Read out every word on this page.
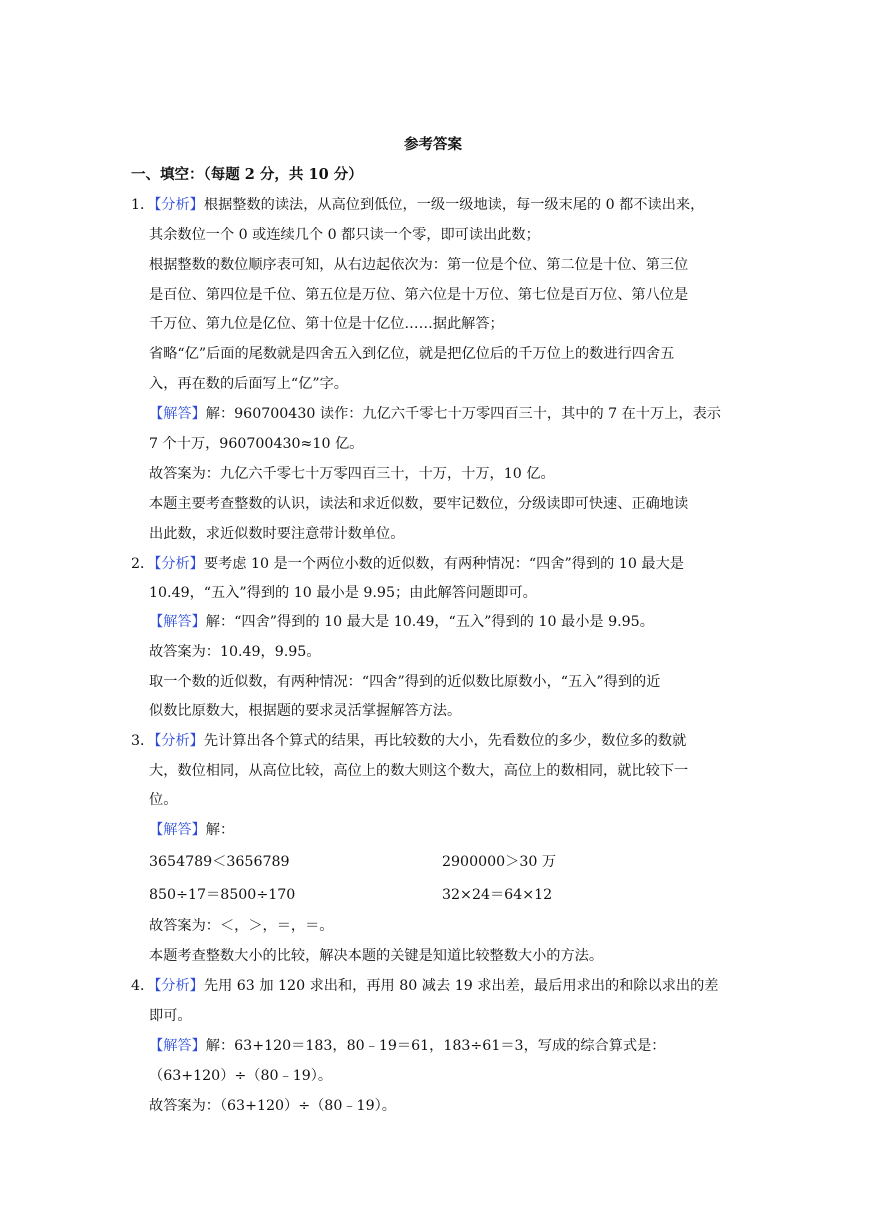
参考答案
一、填空：（每题 2 分，共 10 分）
1．【分析】根据整数的读法，从高位到低位，一级一级地读，每一级末尾的 0 都不读出来，
其余数位一个 0 或连续几个 0 都只读一个零，即可读出此数；
根据整数的数位顺序表可知，从右边起依次为：第一位是个位、第二位是十位、第三位
是百位、第四位是千位、第五位是万位、第六位是十万位、第七位是百万位、第八位是
千万位、第九位是亿位、第十位是十亿位……据此解答；
省略“亿”后面的尾数就是四舍五入到亿位，就是把亿位后的千万位上的数进行四舍五
入，再在数的后面写上“亿”字。
【解答】解：960700430 读作：九亿六千零七十万零四百三十，其中的 7 在十万上，表示
7 个十万，960700430≈10 亿。
故答案为：九亿六千零七十万零四百三十，十万，十万，10 亿。
本题主要考查整数的认识，读法和求近似数，要牢记数位，分级读即可快速、正确地读
出此数，求近似数时要注意带计数单位。
2．【分析】要考虑 10 是一个两位小数的近似数，有两种情况：“四舍”得到的 10 最大是
10.49，“五入”得到的 10 最小是 9.95；由此解答问题即可。
【解答】解：“四舍”得到的 10 最大是 10.49，“五入”得到的 10 最小是 9.95。
故答案为：10.49，9.95。
取一个数的近似数，有两种情况：“四舍”得到的近似数比原数小，“五入”得到的近
似数比原数大，根据题的要求灵活掌握解答方法。
3．【分析】先计算出各个算式的结果，再比较数的大小，先看数位的多少，数位多的数就
大，数位相同，从高位比较，高位上的数大则这个数大，高位上的数相同，就比较下一
位。
【解答】解：
3654789＜3656789	2900000＞30 万
850÷17＝8500÷170	32×24＝64×12
故答案为：＜，＞，＝，＝。
本题考查整数大小的比较，解决本题的关键是知道比较整数大小的方法。
4．【分析】先用 63 加 120 求出和，再用 80 减去 19 求出差，最后用求出的和除以求出的差
即可。
【解答】解：63+120＝183，80﹣19＝61，183÷61＝3，写成的综合算式是：
（63+120）÷（80﹣19）。
故答案为：（63+120）÷（80﹣19）。
